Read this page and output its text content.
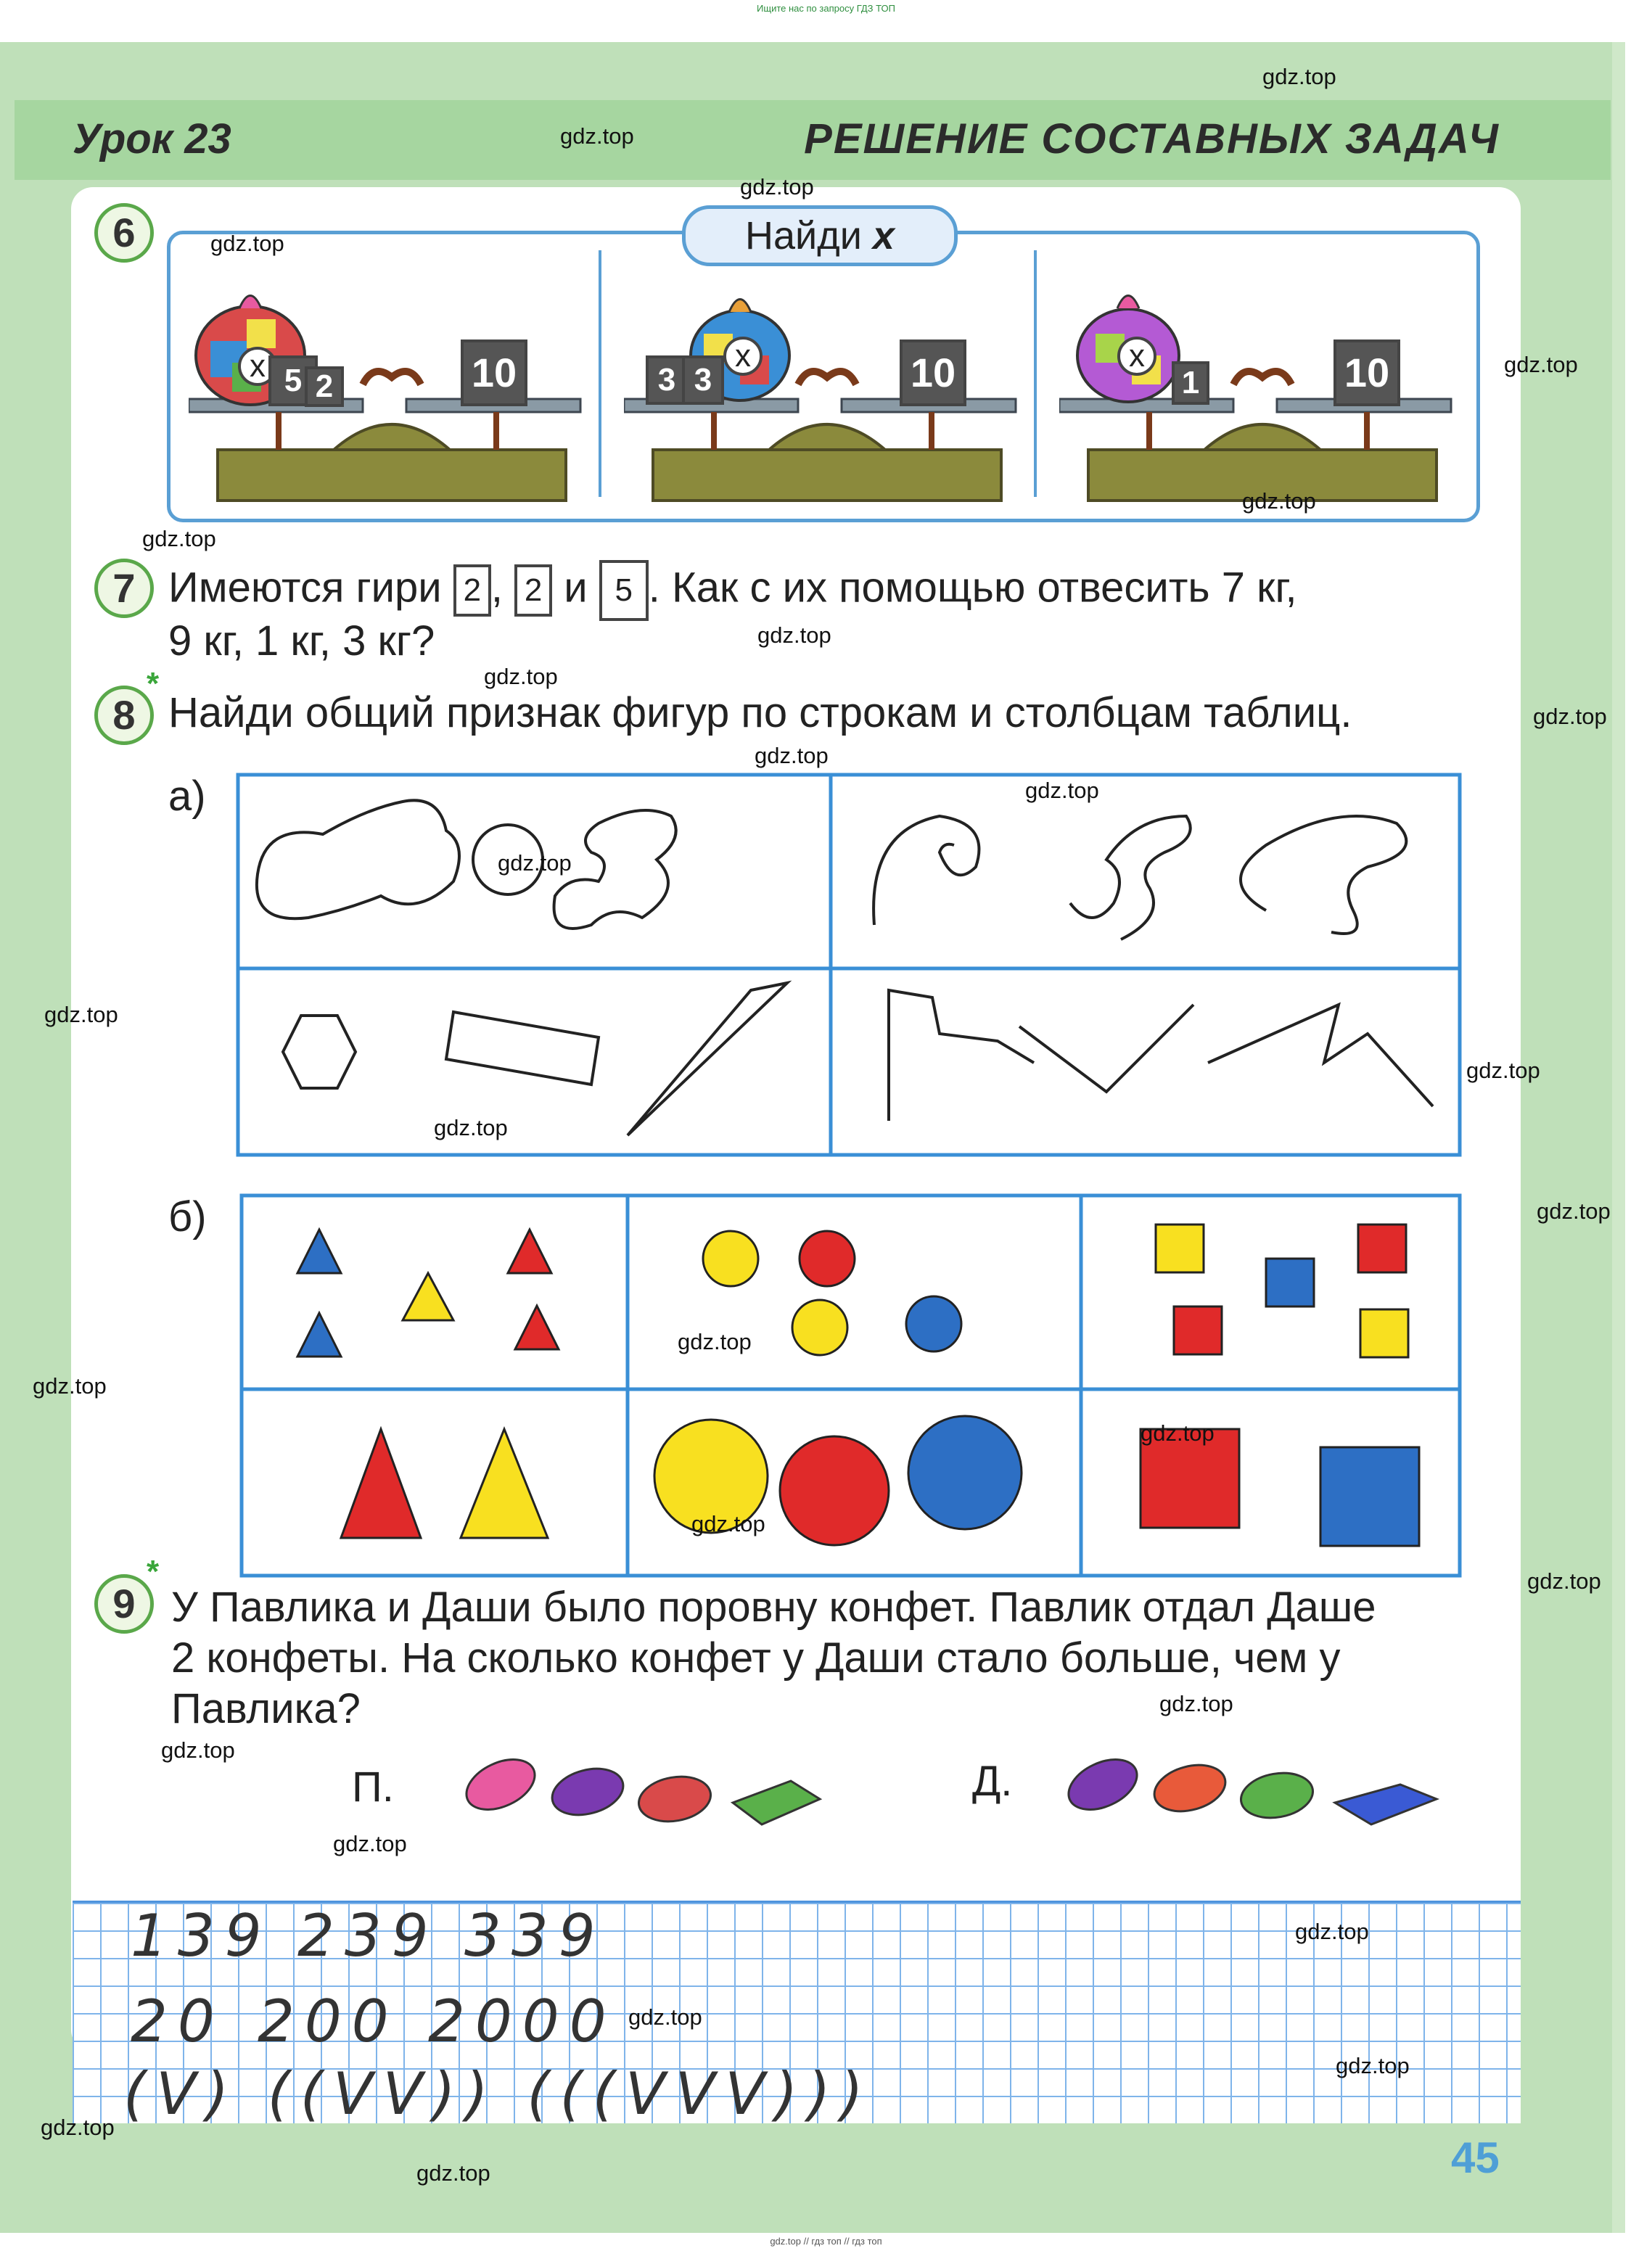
Ищите нас по запросу ГДЗ ТОП
Урок 23	РЕШЕНИЕ СОСТАВНЫХ ЗАДАЧ
6	Найди x
x 5 2	10	3 3
x	10	x
1	10
7 Имеются гири 2 , 2 и 5 . Как с их помощью отвесить 7 кг,
9 кг, 1 кг, 3 кг?
8
*
Найди общий признак фигур по строкам и столбцам таблиц.
а)
б)
9
*
У Павлика и Даши было поровну конфет. Павлик отдал Даше
2 конфеты. На сколько конфет у Даши стало больше, чем у
Павлика?
П.	Д.
139 239 339
20 200 2000
(V) ((VV)) (((VVV)))
45
gdz.top
gdz.top
gdz.top
gdz.top
gdz.top
gdz.top
gdz.top
gdz.top
gdz.top
gdz.top
gdz.top
gdz.top
gdz.top
gdz.top
gdz.top
gdz.top
gdz.top
gdz.top
gdz.top
gdz.top
gdz.top
gdz.top
gdz.top
gdz.top
gdz.top
gdz.top
gdz.top
gdz.top
gdz.top
gdz.top
gdz.top // гдз топ // гдз топ
